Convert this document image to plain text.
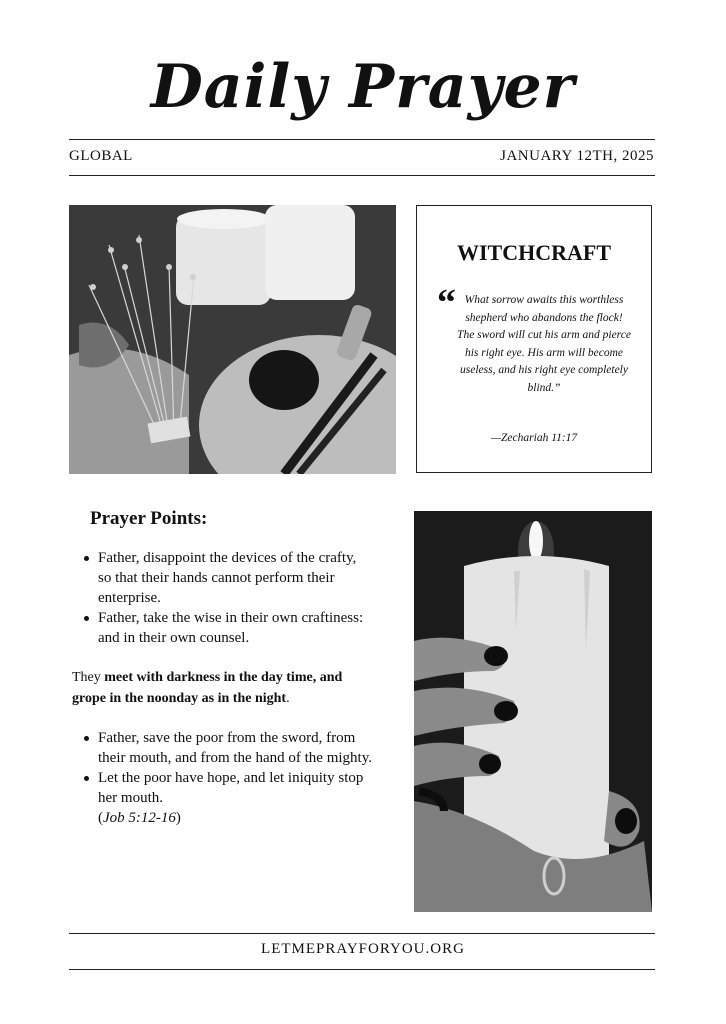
Daily Prayer
GLOBAL	JANUARY 12TH, 2025
WITCHCRAFT
“ What sorrow awaits this worthless shepherd who abandons the flock! The sword will cut his arm and pierce his right eye. His arm will become useless, and his right eye completely blind.”
—Zechariah 11:17
Prayer Points:
Father, disappoint the devices of the crafty, so that their hands cannot perform their enterprise.
Father, take the wise in their own craftiness: and in their own counsel.
They meet with darkness in the day time, and grope in the noonday as in the night.
Father, save the poor from the sword, from their mouth, and from the hand of the mighty.
Let the poor have hope, and let iniquity stop her mouth.
(Job 5:12-16)
LETMEPRAYFORYOU.ORG
